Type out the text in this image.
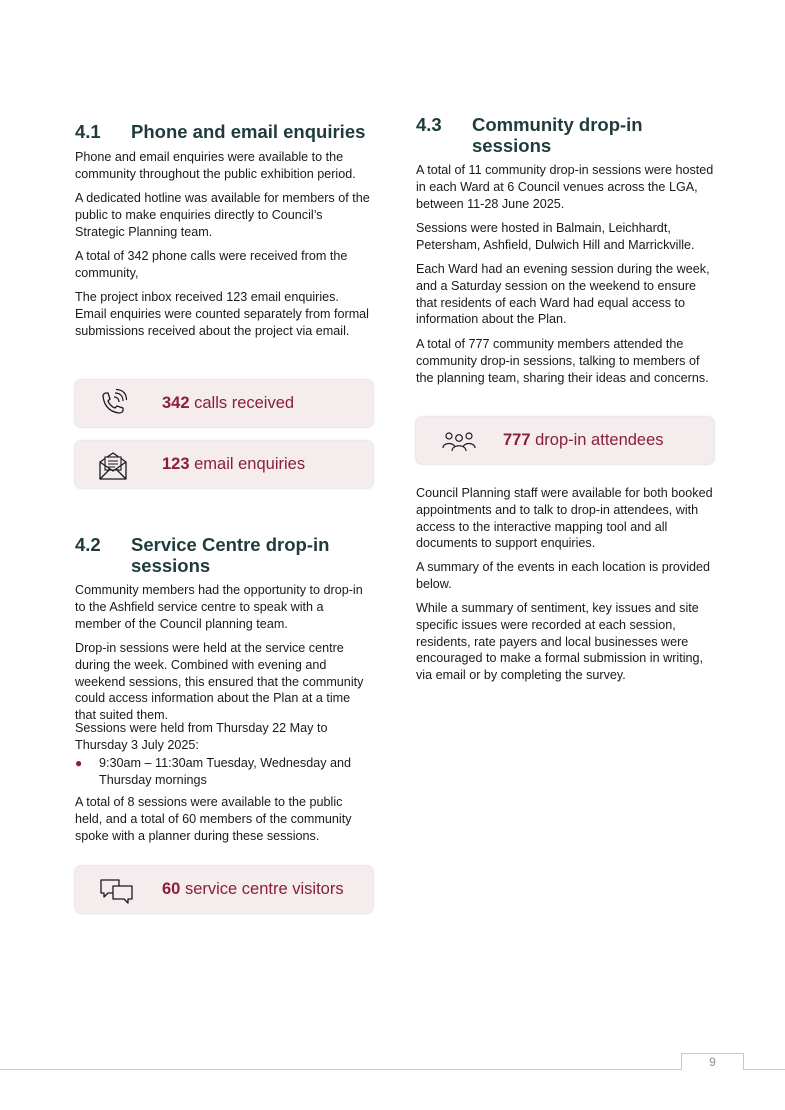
4.1	Phone and email enquiries

Phone and email enquiries were available to the community throughout the public exhibition period.

A dedicated hotline was available for members of the public to make enquiries directly to Council’s Strategic Planning team.

A total of 342 phone calls were received from the community,

The project inbox received 123 email enquiries. Email enquiries were counted separately from formal submissions received about the project via email.

342 calls received
123 email enquiries
4.2	Service Centre drop-in sessions

Community members had the opportunity to drop-in to the Ashfield service centre to speak with a member of the Council planning team.

Drop-in sessions were held at the service centre during the week. Combined with evening and weekend sessions, this ensured that the community could access information about the Plan at a time that suited them.

Sessions were held from Thursday 22 May to Thursday 3 July 2025:

●	9:30am – 11:30am Tuesday, Wednesday and Thursday mornings

A total of 8 sessions were available to the public held, and a total of 60 members of the community spoke with a planner during these sessions.

60 service centre visitors
4.3	Community drop-in sessions

A total of 11 community drop-in sessions were hosted in each Ward at 6 Council venues across the LGA, between 11-28 June 2025.

Sessions were hosted in Balmain, Leichhardt, Petersham, Ashfield, Dulwich Hill and Marrickville.

Each Ward had an evening session during the week, and a Saturday session on the weekend to ensure that residents of each Ward had equal access to information about the Plan.

A total of 777 community members attended the community drop-in sessions, talking to members of the planning team, sharing their ideas and concerns.

777 drop-in attendees

Council Planning staff were available for both booked appointments and to talk to drop-in attendees, with access to the interactive mapping tool and all documents to support enquiries.

A summary of the events in each location is provided below.

While a summary of sentiment, key issues and site specific issues were recorded at each session, residents, rate payers and local businesses were encouraged to make a formal submission in writing, via email or by completing the survey.

9
